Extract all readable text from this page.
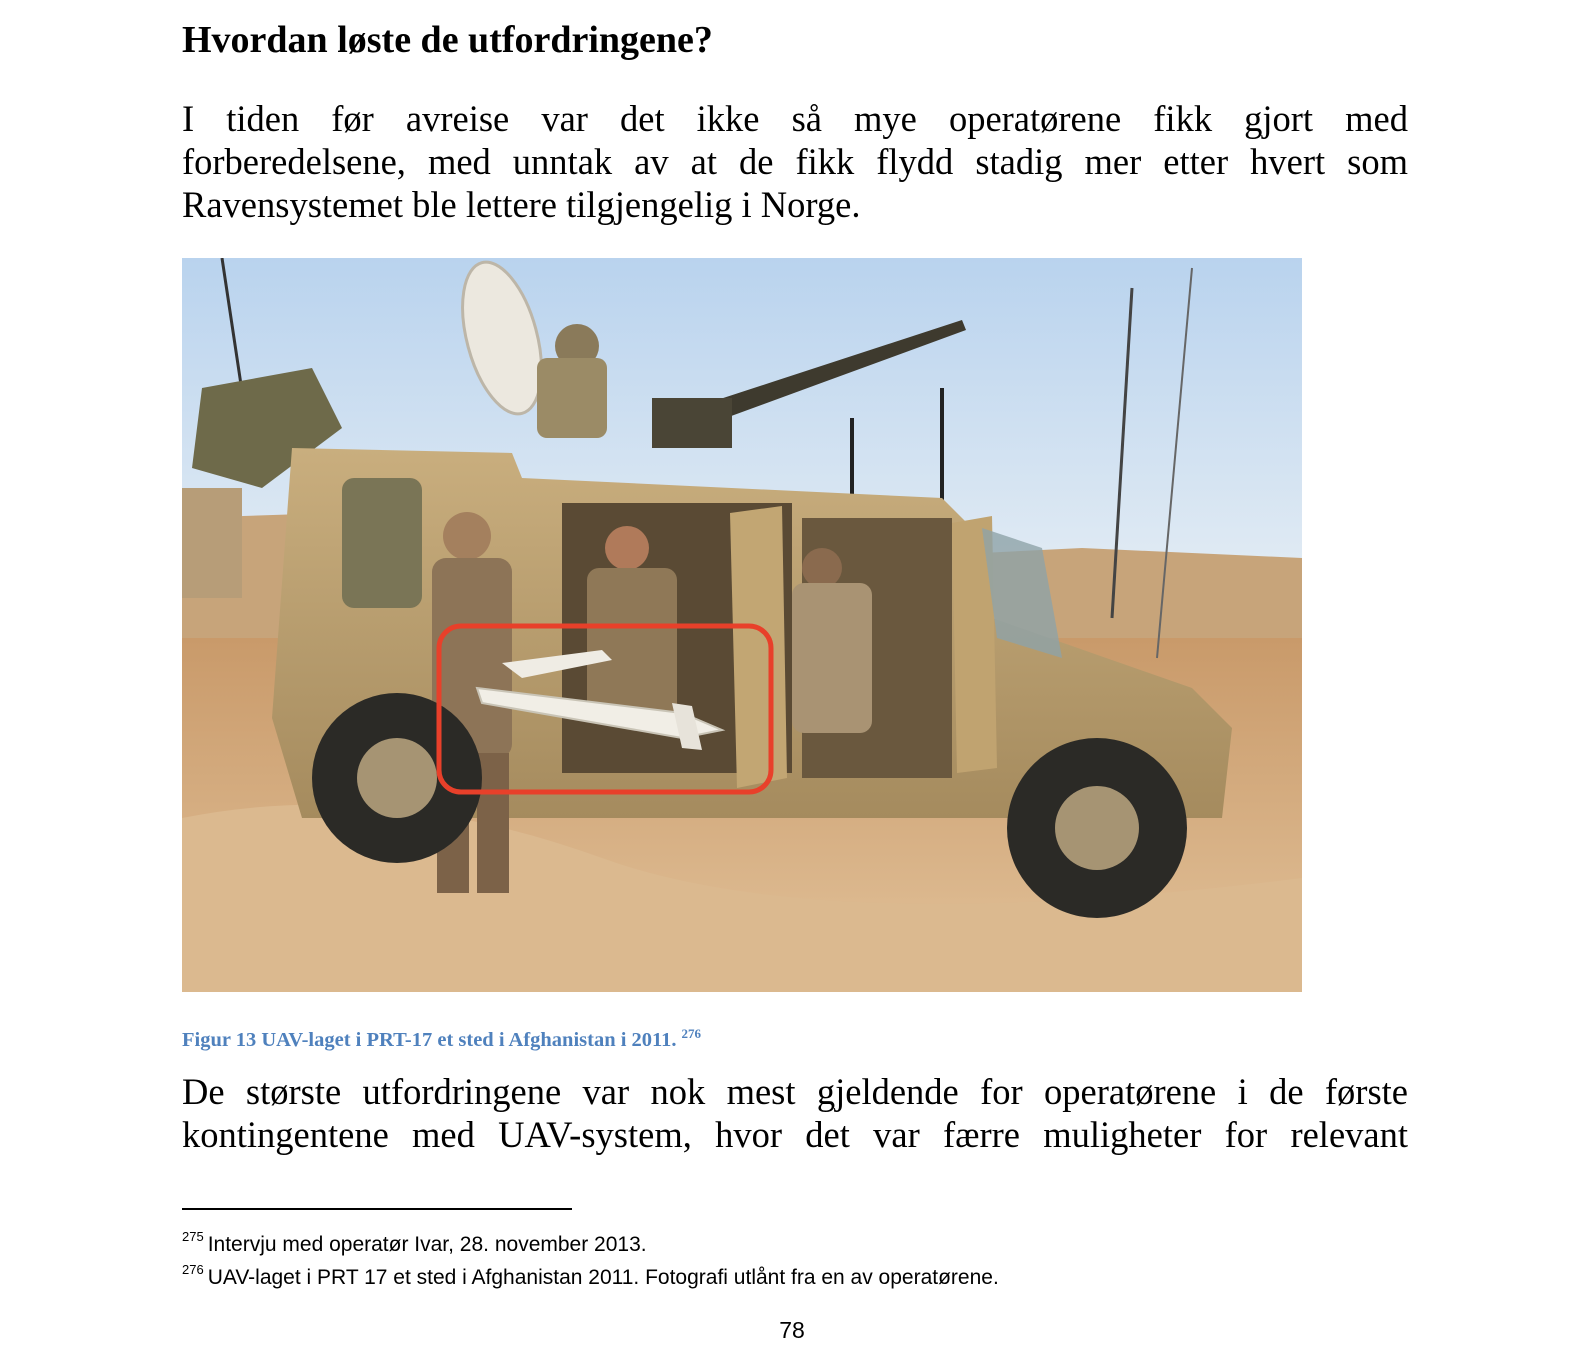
Hvordan løste de utfordringene?

I tiden før avreise var det ikke så mye operatørene fikk gjort med
forberedelsene, med unntak av at de fikk flydd stadig mer etter hvert som
Ravensystemet ble lettere tilgjengelig i Norge.

Figur 13 UAV-laget i PRT-17 et sted i Afghanistan i 2011. $^{276}$

De største utfordringene var nok mest gjeldende for operatørene i de første
kontingentene med UAV-system, hvor det var færre muligheter for relevant

$^{275}$ Intervju med operatør Ivar, 28. november 2013.

$^{276}$ UAV-laget i PRT 17 et sted i Afghanistan 2011. Fotografi utlånt fra en av operatørene.

78
